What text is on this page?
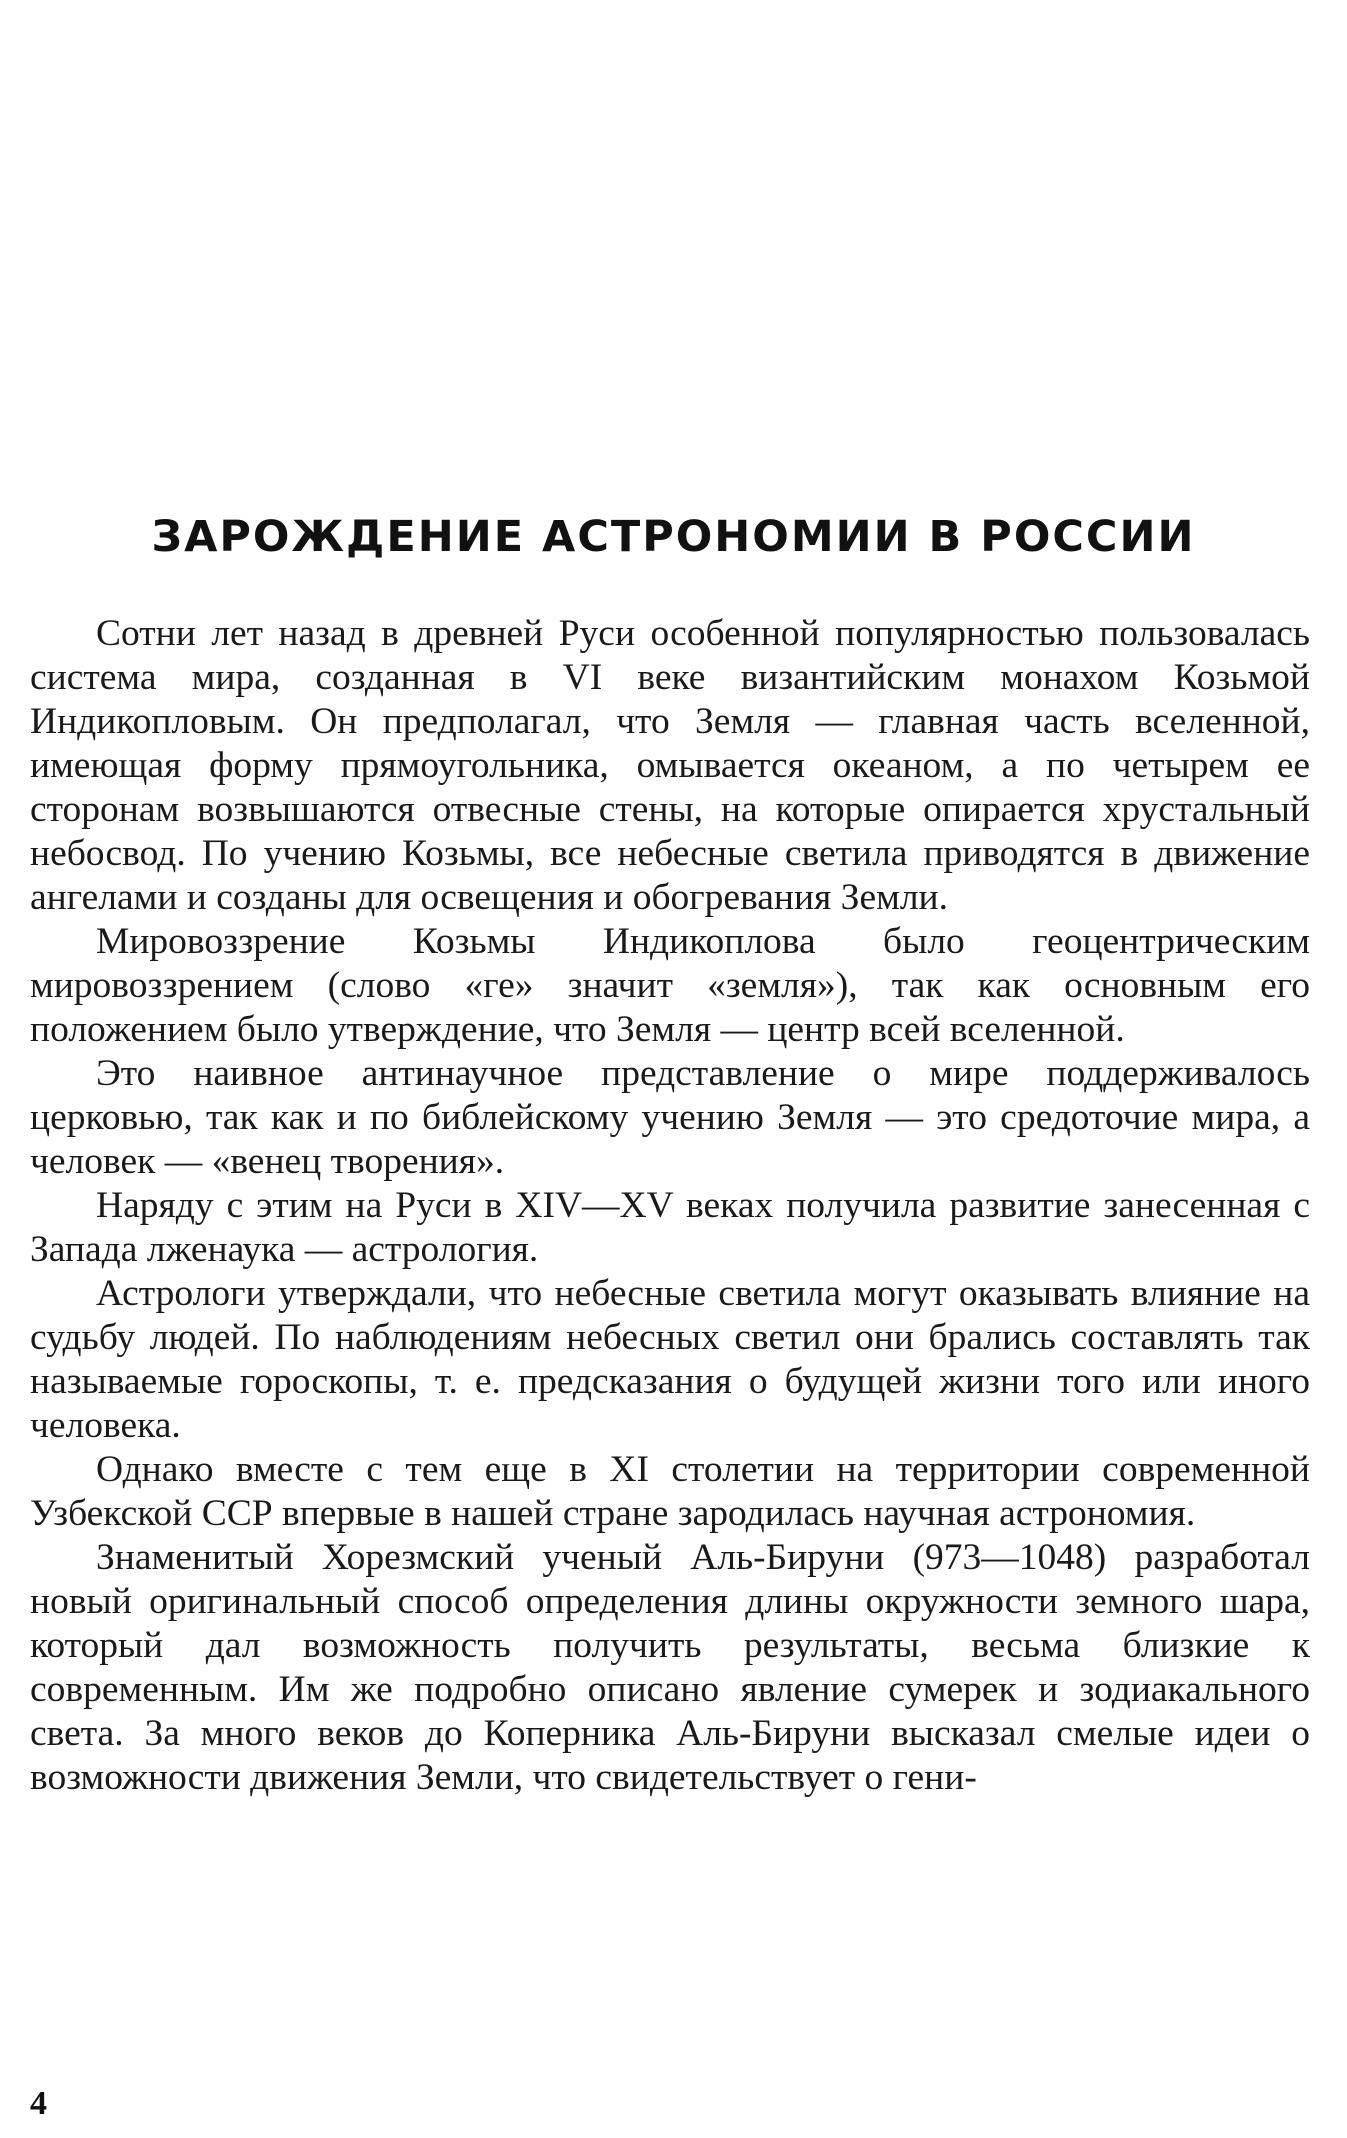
ЗАРОЖДЕНИЕ АСТРОНОМИИ В РОССИИ

Сотни лет назад в древней Руси особенной популярностью пользовалась система мира, созданная в VI веке византийским монахом Козьмой Индикопловым. Он предполагал, что Земля — главная часть вселенной, имеющая форму прямоугольника, омывается океаном, а по четырем ее сторонам возвышаются отвесные стены, на которые опирается хрустальный небосвод. По учению Козьмы, все небесные светила приводятся в движение ангелами и созданы для освещения и обогревания Земли.

Мировоззрение Козьмы Индикоплова было геоцентрическим мировоззрением (слово «ге» значит «земля»), так как основным его положением было утверждение, что Земля — центр всей вселенной.

Это наивное антинаучное представление о мире поддерживалось церковью, так как и по библейскому учению Земля — это средоточие мира, а человек — «венец творения».

Наряду с этим на Руси в XIV—XV веках получила развитие занесенная с Запада лженаука — астрология.

Астрологи утверждали, что небесные светила могут оказывать влияние на судьбу людей. По наблюдениям небесных светил они брались составлять так называемые гороскопы, т. е. предсказания о будущей жизни того или иного человека.

Однако вместе с тем еще в XI столетии на территории современной Узбекской ССР впервые в нашей стране зародилась научная астрономия.

Знаменитый Хорезмский ученый Аль-Бируни (973—1048) разработал новый оригинальный способ определения длины окружности земного шара, который дал возможность получить результаты, весьма близкие к современным. Им же подробно описано явление сумерек и зодиакального света. За много веков до Коперника Аль-Бируни высказал смелые идеи о возможности движения Земли, что свидетельствует о гени-

4
